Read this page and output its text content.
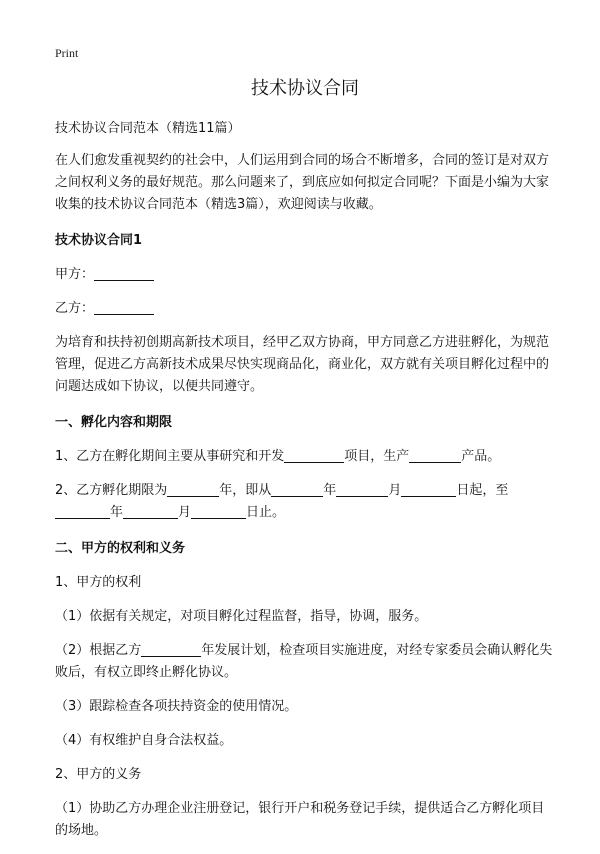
Print
技术协议合同

技术协议合同范本（精选11篇）

在人们愈发重视契约的社会中，人们运用到合同的场合不断增多，合同的签订是对双方之间权利义务的最好规范。那么问题来了，到底应如何拟定合同呢？下面是小编为大家收集的技术协议合同范本（精选3篇），欢迎阅读与收藏。

技术协议合同1

甲方：

乙方：

为培育和扶持初创期高新技术项目，经甲乙双方协商，甲方同意乙方进驻孵化，为规范管理，促进乙方高新技术成果尽快实现商品化，商业化，双方就有关项目孵化过程中的问题达成如下协议，以便共同遵守。

一、孵化内容和期限

1、乙方在孵化期间主要从事研究和开发	项目，生产	产品。

2、乙方孵化期限为	年，即从	年	月	日起，至年	月	日止。

二、甲方的权利和义务

1、甲方的权利

（1）依据有关规定，对项目孵化过程监督，指导，协调，服务。

（2）根据乙方	年发展计划，检查项目实施进度，对经专家委员会确认孵化失败后，有权立即终止孵化协议。

（3）跟踪检查各项扶持资金的使用情况。

（4）有权维护自身合法权益。

2、甲方的义务

（1）协助乙方办理企业注册登记，银行开户和税务登记手续，提供适合乙方孵化项目的场地。
